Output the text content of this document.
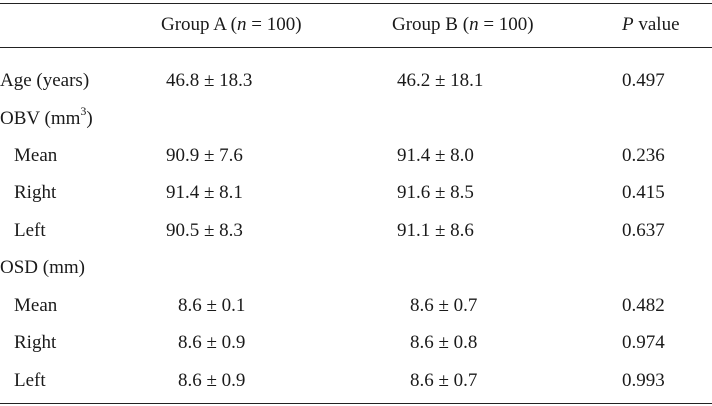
Group A (n = 100)	Group B (n = 100)	P value
Age (years)	46.8 ± 18.3	46.2 ± 18.1	0.497
OBV $(mm^3)$
Mean	90.9 ± 7.6	91.4 ± 8.0	0.236
Right	91.4 ± 8.1	91.6 ± 8.5	0.415
Left	90.5 ± 8.3	91.1 ± 8.6	0.637
OSD (mm)
Mean	8.6 ± 0.1	8.6 ± 0.7	0.482
Right	8.6 ± 0.9	8.6 ± 0.8	0.974
Left	8.6 ± 0.9	8.6 ± 0.7	0.993
